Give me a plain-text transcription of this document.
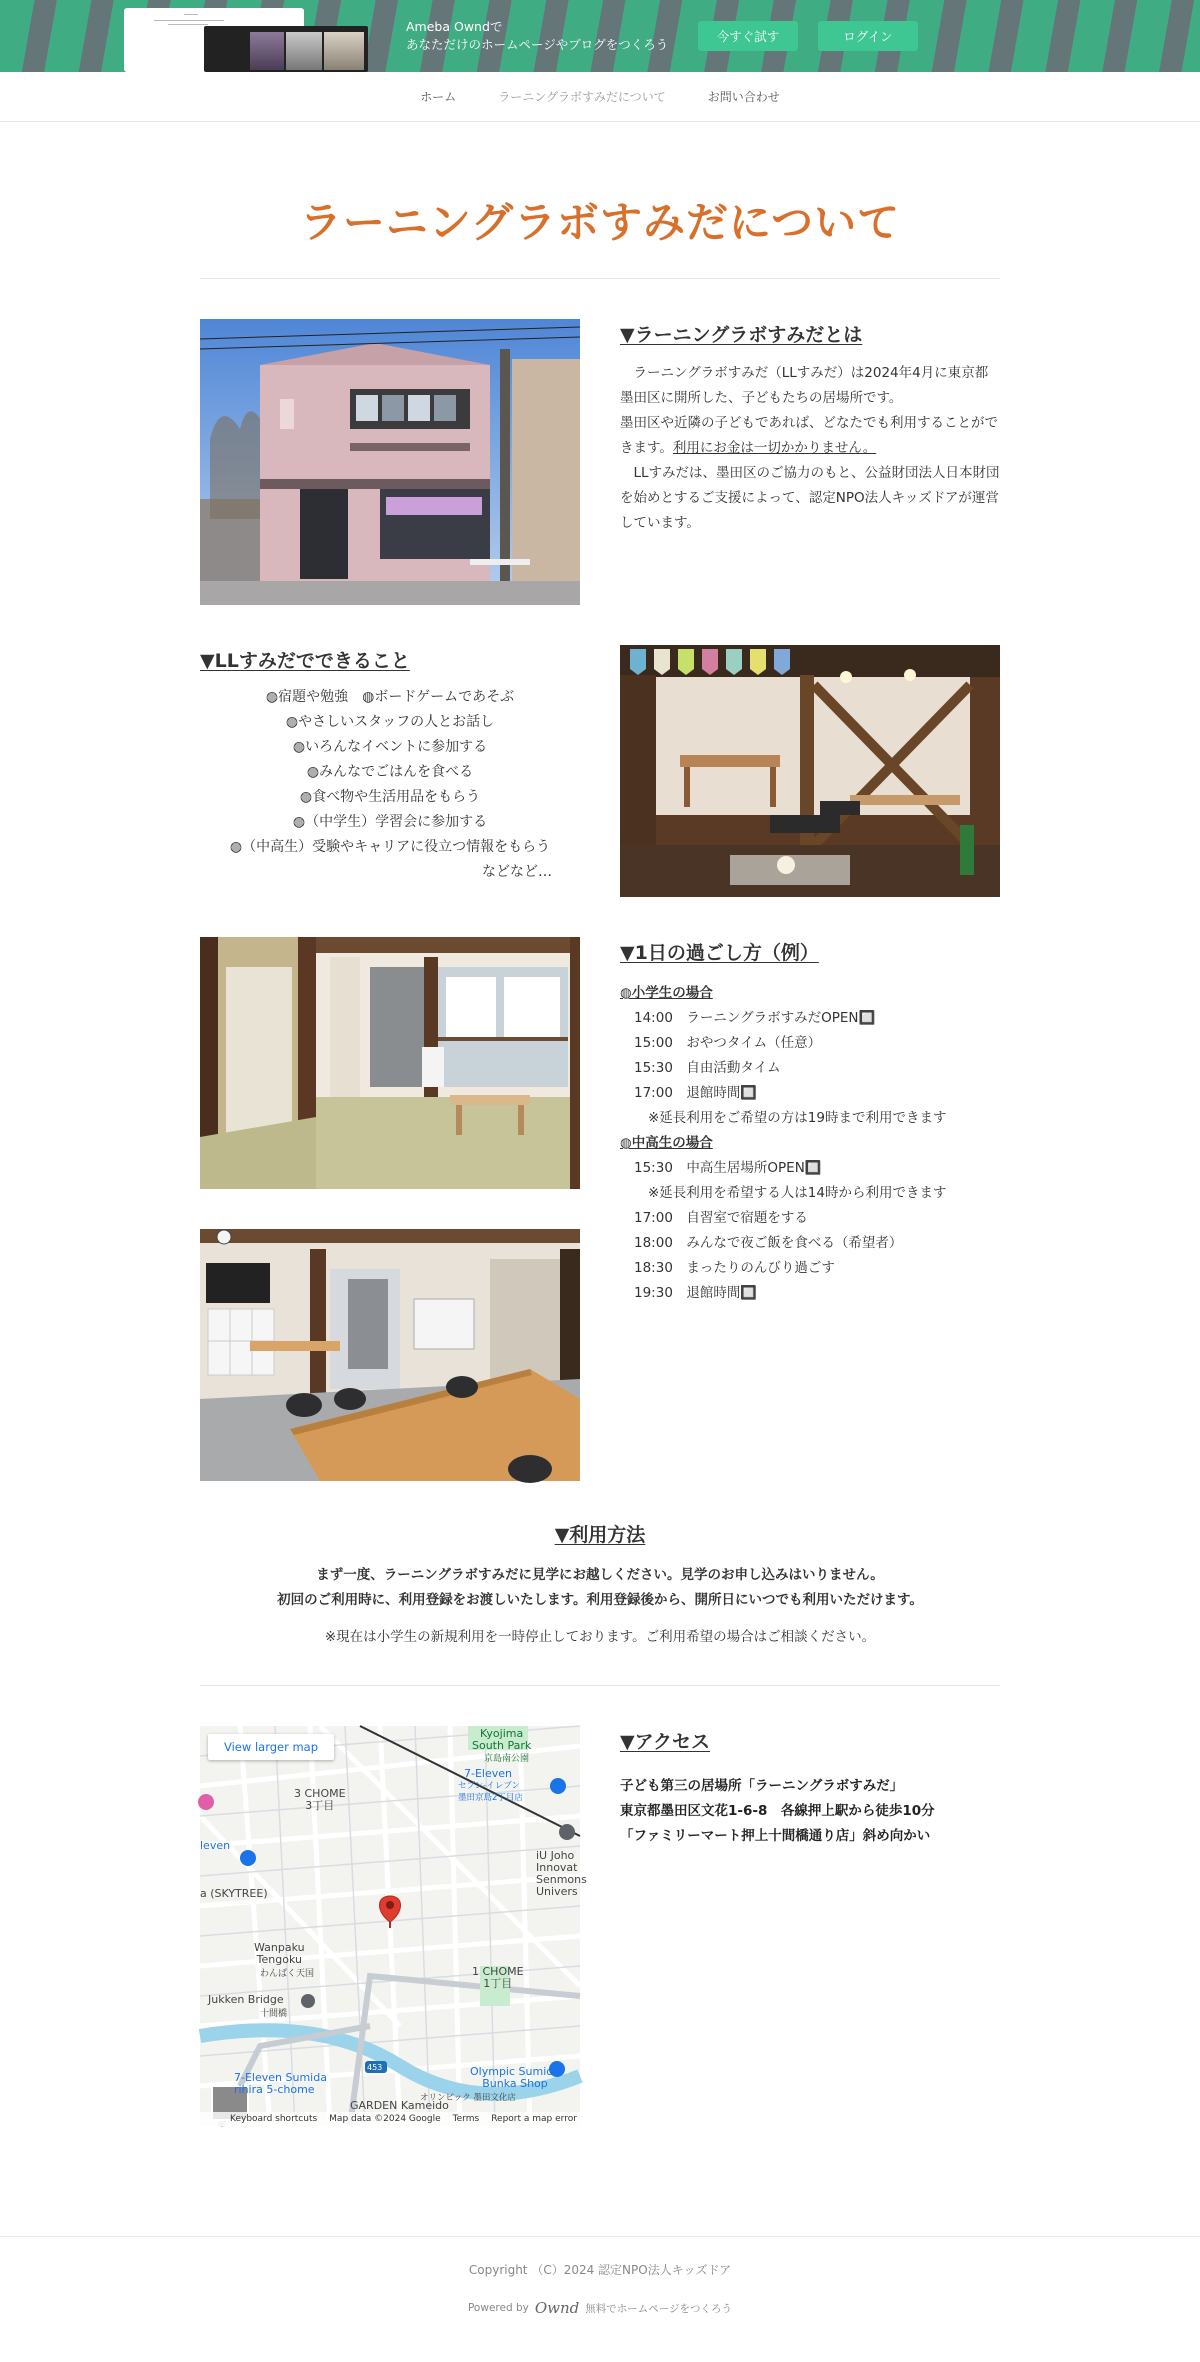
Ameba Owndで
あなただけのホームページやブログをつくろう
今すぐ試す	ログイン
ホーム	ラーニングラボすみだについて	お問い合わせ
ラーニングラボすみだについて
▼ラーニングラボすみだとは

　ラーニングラボすみだ（LLすみだ）は2024年4月に東京都墨田区に開所した、子どもたちの居場所です。

墨田区や近隣の子どもであれば、どなたでも利用することができます。利用にお金は一切かかりません。

　LLすみだは、墨田区のご協力のもと、公益財団法人日本財団を始めとするご支援によって、認定NPO法人キッズドアが運営しています。

▼LLすみだでできること
◍宿題や勉強　◍ボードゲームであそぶ
◍やさしいスタッフの人とお話し
◍いろんなイベントに参加する
◍みんなでごはんを食べる
◍食べ物や生活用品をもらう
◍（中学生）学習会に参加する
◍（中高生）受験やキャリアに役立つ情報をもらう
などなど…
▼1日の過ごし方（例）
◍小学生の場合
14:00　ラーニングラボすみだOPEN🔲
15:00　おやつタイム（任意）
15:30　自由活動タイム
17:00　退館時間🔲
※延長利用をご希望の方は19時まで利用できます
◍中高生の場合
15:30　中高生居場所OPEN🔲
※延長利用を希望する人は14時から利用できます
17:00　自習室で宿題をする
18:00　みんなで夜ご飯を食べる（希望者）
18:30　まったりのんびり過ごす
19:30　退館時間🔲
▼利用方法
まず一度、ラーニングラボすみだに見学にお越しください。見学のお申し込みはいりません。
初回のご利用時に、利用登録をお渡しいたします。利用登録後から、開所日にいつでも利用いただけます。
※現在は小学生の新規利用を一時停止しております。ご利用希望の場合はご相談ください。
View larger map
Kyojima
South Park
京島南公園
3 CHOME
3丁目
7-Eleven
セブン-イレブン
墨田京島2丁目店
iU Joho
Innovat
Senmons
Univers
leven
a (SKYTREE)
Wanpaku
Tengoku
わんぱく天国	1 CHOME
1丁目
Jukken Bridge
十間橋
Olympic Sumida
Bunka Shop
オリンピック 墨田文化店
7-Eleven Sumida
rihira 5-chome
GARDEN Kameido
453
Keyboard shortcuts Map data ©2024 Google Terms Report a map error
▼アクセス
子ども第三の居場所「ラーニングラボすみだ」
東京都墨田区文花1-6-8　各線押上駅から徒歩10分
「ファミリーマート押上十間橋通り店」斜め向かい
Copyright （C）2024 認定NPO法人キッズドア
Powered by Ownd 無料でホームページをつくろう
